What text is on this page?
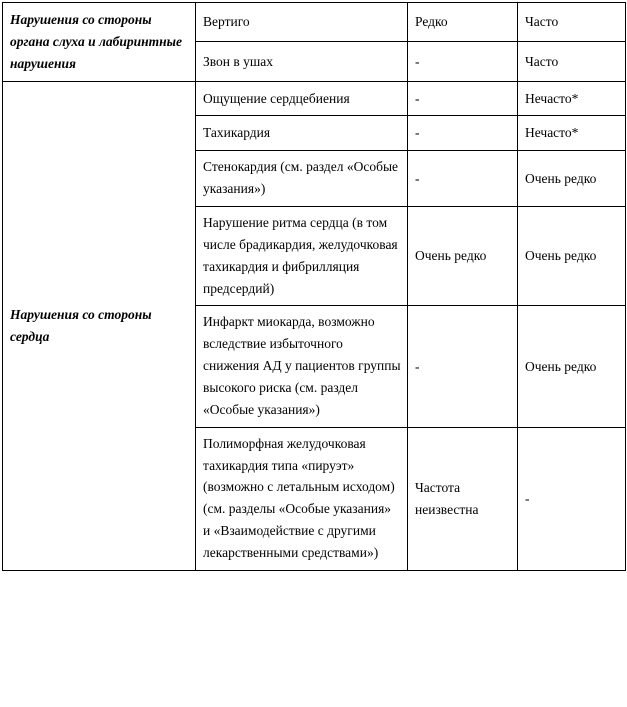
Нарушения со стороны органа слуха и лабиринтные нарушения	Вертиго	Редко	Часто
	Звон в ушах	-	Часто
Нарушения со стороны сердца	Ощущение сердцебиения	-	Нечасто*
	Тахикардия	-	Нечасто*
	Стенокардия (см. раздел «Особые указания»)	-	Очень редко
	Нарушение ритма сердца (в том числе брадикардия, желудочковая тахикардия и фибрилляция предсердий)	Очень редко	Очень редко
	Инфаркт миокарда, возможно вследствие избыточного снижения АД у пациентов группы высокого риска (см. раздел «Особые указания»)	-	Очень редко
	Полиморфная желудочковая тахикардия типа «пируэт» (возможно с летальным исходом) (см. разделы «Особые указания» и «Взаимодействие с другими лекарственными средствами»)	Частота неизвестна	-
